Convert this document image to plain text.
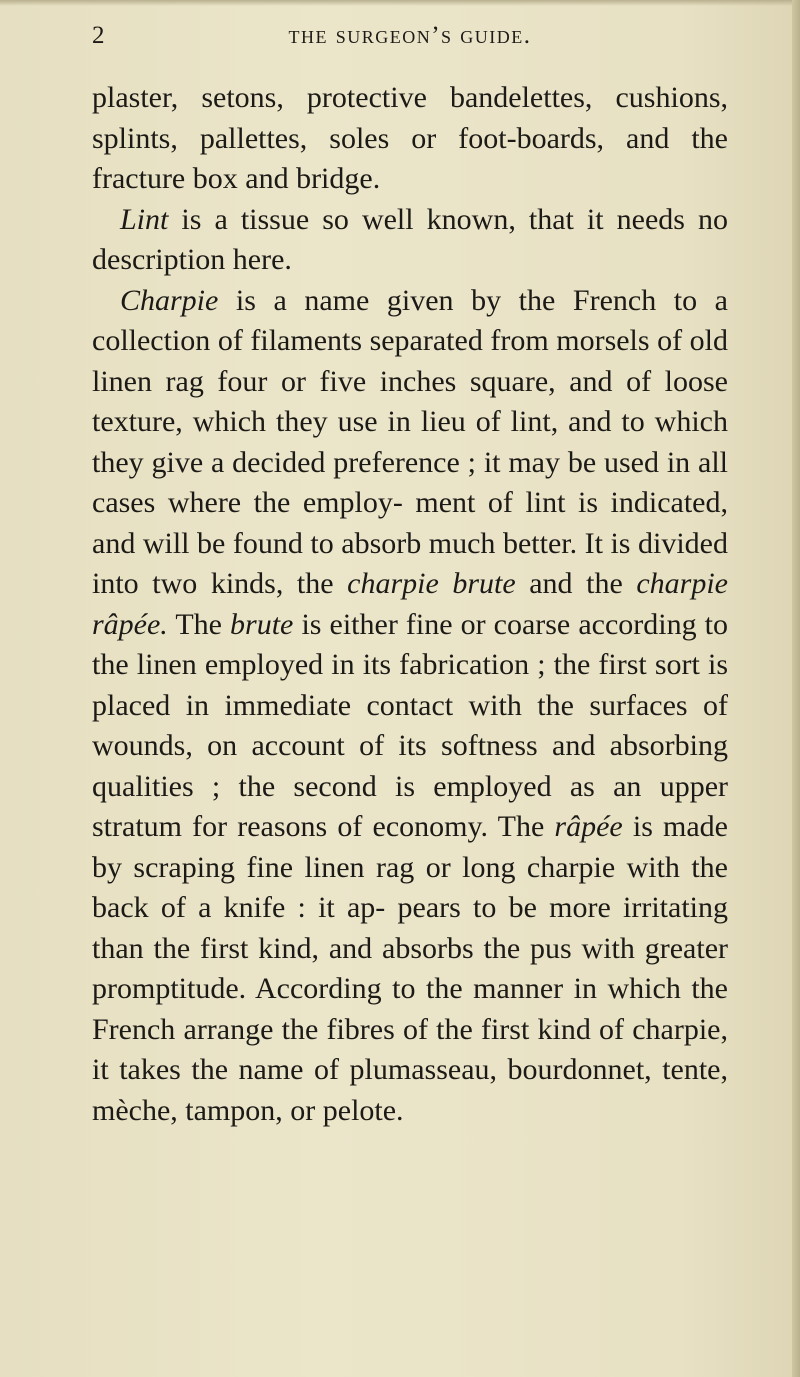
2	the surgeon’s guide.

plaster, setons, protective bandelettes, cushions, splints, pallettes, soles or foot-boards, and the fracture box and bridge.

Lint is a tissue so well known, that it needs no description here.

Charpie is a name given by the French to a collection of filaments separated from morsels of old linen rag four or five inches square, and of loose texture, which they use in lieu of lint, and to which they give a decided preference ; it may be used in all cases where the employ- ment of lint is indicated, and will be found to absorb much better. It is divided into two kinds, the charpie brute and the charpie râpée. The brute is either fine or coarse according to the linen employed in its fabrication ; the first sort is placed in immediate contact with the surfaces of wounds, on account of its softness and absorbing qualities ; the second is employed as an upper stratum for reasons of economy. The râpée is made by scraping fine linen rag or long charpie with the back of a knife : it ap- pears to be more irritating than the first kind, and absorbs the pus with greater promptitude. According to the manner in which the French arrange the fibres of the first kind of charpie, it takes the name of plumasseau, bourdonnet, tente, mèche, tampon, or pelote.
